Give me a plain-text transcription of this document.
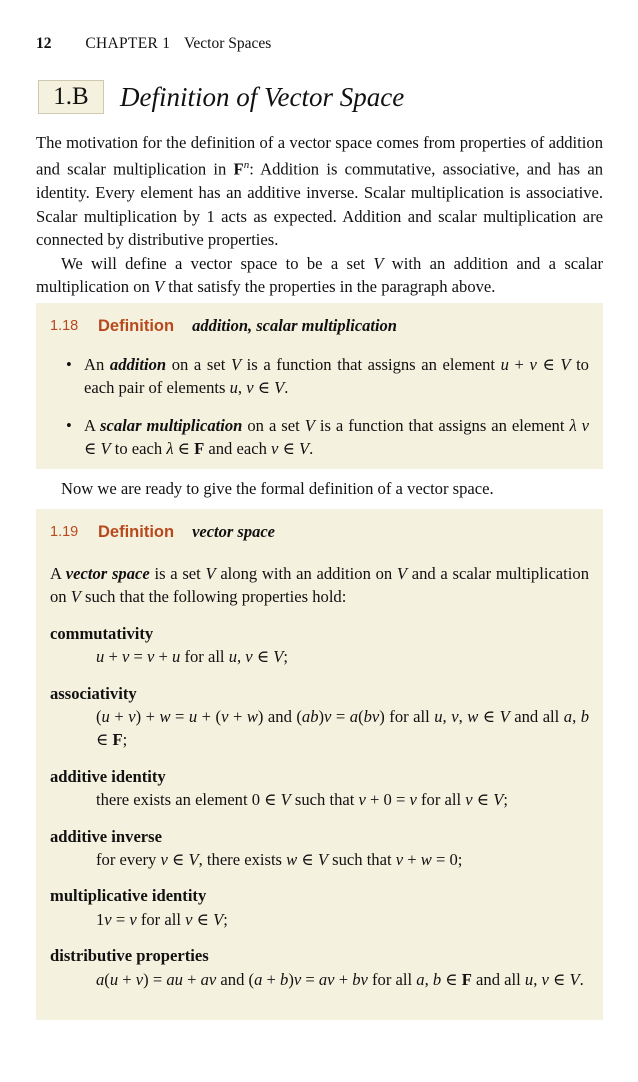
12 CHAPTER 1 Vector Spaces
1.B	Definition of Vector Space
The motivation for the definition of a vector space comes from properties of addition and scalar multiplication in $F^n$: Addition is commutative, associative, and has an identity. Every element has an additive inverse. Scalar multiplication is associative. Scalar multiplication by 1 acts as expected. Addition and scalar multiplication are connected by distributive properties.
We will define a vector space to be a set V with an addition and a scalar multiplication on V that satisfy the properties in the paragraph above.
1.18	Definition addition, scalar multiplication
• An addition on a set V is a function that assigns an element u + v ∈ V to each pair of elements u, v ∈ V.
• A scalar multiplication on a set V is a function that assigns an element λ v ∈ V to each λ ∈ F and each v ∈ V.
Now we are ready to give the formal definition of a vector space.
1.19	Definition vector space
A vector space is a set V along with an addition on V and a scalar multiplication on V such that the following properties hold:
commutativity
u + v = v + u for all u, v ∈ V;
associativity
(u + v) + w = u + (v + w) and (ab)v = a(bv) for all u, v, w ∈ V and all a, b ∈ F;
additive identity
there exists an element 0 ∈ V such that v + 0 = v for all v ∈ V;
additive inverse
for every v ∈ V, there exists w ∈ V such that v + w = 0;
multiplicative identity
1v = v for all v ∈ V;
distributive properties
a(u + v) = au + av and (a + b)v = av + bv for all a, b ∈ F and all u, v ∈ V.
